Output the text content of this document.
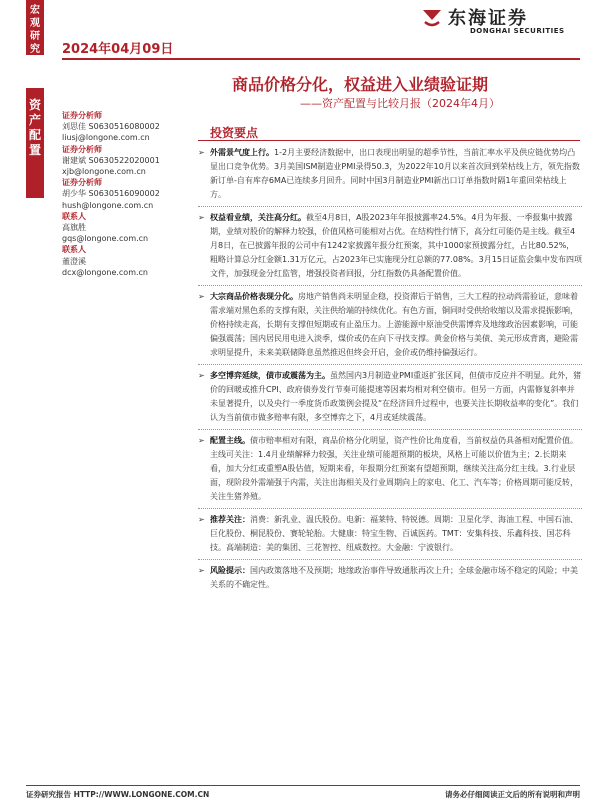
宏观研究
资产配置
2024年04月09日
东海证券
DONGHAI SECURITIES
商品价格分化，权益进入业绩验证期
——资产配置与比较月报（2024年4月）
证券分析师
刘思佳 S0630516080002
liusj@longone.com.cn
证券分析师
谢建斌 S0630522020001
xjb@longone.com.cn
证券分析师
胡少华 S0630516090002
hush@longone.com.cn
联系人
高旗胜
gqs@longone.com.cn
联系人
董澄溪
dcx@longone.com.cn
投资要点
➢ 外需景气度上行。1-2月主要经济数据中，出口表现出明显的超季节性，当前汇率水平及供应链优势均凸显出口竞争优势。3月美国ISM制造业PMI录得50.3，为2022年10月以来首次回到荣枯线上方，领先指数新订单-自有库存6MA已连续多月回升。同时中国3月制造业PMI新出口订单指数时隔1年重回荣枯线上方。
➢ 权益看业绩，关注高分红。截至4月8日，A股2023年年报披露率24.5%。4月为年报、一季报集中披露期，业绩对股价的解释力较强，价值风格可能相对占优。在结构性行情下，高分红可能仍是主线。截至4月8日，在已披露年报的公司中有1242家披露年报分红预案，其中1000家预披露分红，占比80.52%，粗略计算总分红金额1.31万亿元，占2023年已实施现分红总额的77.08%。3月15日证监会集中发布四项文件，加强现金分红监管，增强投资者回报，分红指数仍具备配置价值。
➢ 大宗商品价格表现分化。房地产销售尚未明显企稳，投资滞后于销售，三大工程的拉动尚需验证，意味着需求端对黑色系的支撑有限，关注供给端的持续优化。有色方面，铜同时受供给收缩以及需求提振影响，价格持续走高，长期有支撑但短期或有止盈压力。上游能源中原油受供需博弈及地缘政治因素影响，可能偏强震荡；国内居民用电进入淡季，煤价或仍在向下寻找支撑。黄金价格与美债、美元形成背离，避险需求明显提升，未来美联储降息虽然推迟但终会开启，金价或仍维持偏强运行。
➢ 多空博弈延续，债市或震荡为主。虽然国内3月制造业PMI重返扩张区间，但债市反应并不明显。此外，猪价的回暖或推升CPI、政府债券发行节奏可能提速等因素均相对利空债市。但另一方面，内需修复斜率并未显著提升，以及央行一季度货币政策例会提及“在经济回升过程中，也要关注长期收益率的变化”。我们认为当前债市做多赔率有限，多空博弈之下，4月或延续震荡。
➢ 配置主线。债市赔率相对有限，商品价格分化明显，资产性价比角度看，当前权益仍具备相对配置价值。主线可关注：1.4月业绩解释力较强，关注业绩可能超预期的板块，风格上可能以价值为主；2.长期来看，加大分红或重塑A股估值，短期来看，年报期分红预案有望超预期，继续关注高分红主线。3.行业层面，现阶段外需端强于内需，关注出海相关及行业周期向上的家电、化工、汽车等；价格周期可能反转，关注生猪养殖。
➢ 推荐关注：消费：新乳业、温氏股份。电新：福莱特、特锐德。周期：卫星化学、海油工程、中国石油、巨化股份、桐昆股份、赛轮轮胎。大健康：特宝生物、百诚医药。TMT：安集科技、乐鑫科技、国芯科技。高端制造：美的集团、三花智控、纽威数控。大金融：宁波银行。
➢ 风险提示：国内政策落地不及预期；地缘政治事件导致通胀再次上升；全球金融市场不稳定的风险；中美关系的不确定性。
证券研究报告 HTTP://WWW.LONGONE.COM.CN	请务必仔细阅读正文后的所有说明和声明
